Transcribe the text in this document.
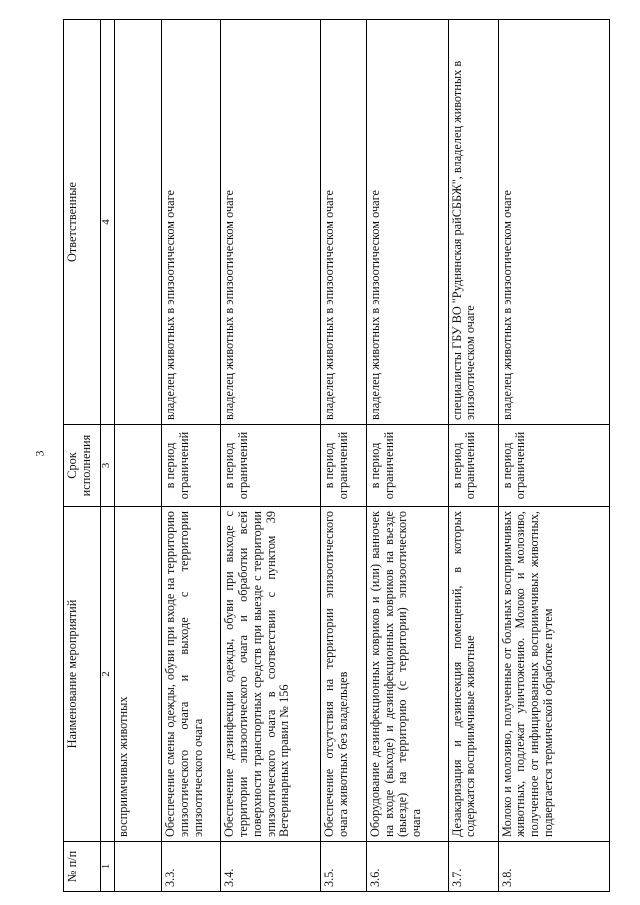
3
№ п/п	Наименование мероприятий	Срок исполнения	Ответственные
1	2	3	4
	восприимчивых животных		
3.3.	Обеспечение смены одежды, обуви при входе на территорию эпизоотического очага и выходе с территории эпизоотического очага	в период ограничений	владелец животных в эпизоотическом очаге
3.4.	Обеспечение дезинфекции одежды, обуви при выходе с территории эпизоотического очага и обработки всей поверхности транспортных средств при выезде с территории эпизоотического очага в соответствии с пунктом 39 Ветеринарных правил № 156	в период ограничений	владелец животных в эпизоотическом очаге
3.5.	Обеспечение отсутствия на территории эпизоотического очага животных без владельцев	в период ограничений	владелец животных в эпизоотическом очаге
3.6.	Оборудование дезинфекционных ковриков и (или) ванночек на входе (выходе) и дезинфекционных ковриков на въезде (выезде) на территорию (с территории) эпизоотического очага	в период ограничений	владелец животных в эпизоотическом очаге
3.7.	Дезакаризация и дезинсекция помещений, в которых содержатся восприимчивые животные	в период ограничений	специалисты ГБУ ВО "Руднянская райСББЖ", владелец животных в эпизоотическом очаге
3.8.	Молоко и молозиво, полученные от больных восприимчивых животных, подлежат уничтожению. Молоко и молозиво, полученное от инфицированных восприимчивых животных, подвергается термической обработке путем	в период ограничений	владелец животных в эпизоотическом очаге
